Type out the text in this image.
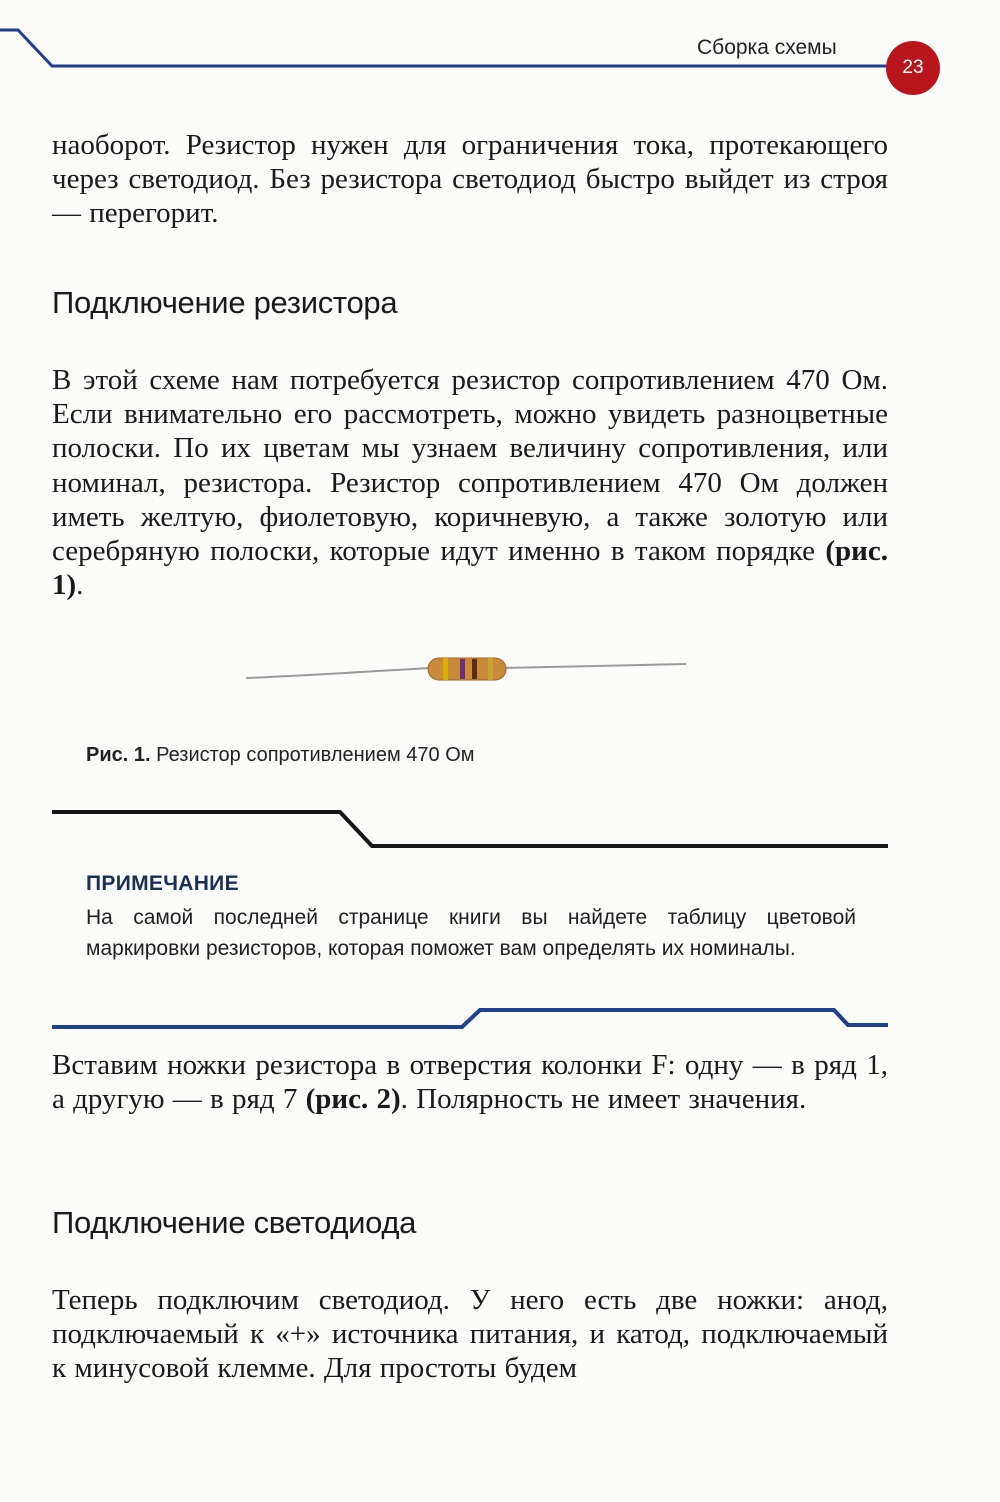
Сборка схемы
23

наоборот. Резистор нужен для ограничения тока, протекающего через светодиод. Без резистора светодиод быстро выйдет из строя — перегорит.

Подключение резистора

В этой схеме нам потребуется резистор сопротивлением 470 Ом. Если внимательно его рассмотреть, можно увидеть разноцветные полоски. По их цветам мы узнаем величину сопротивления, или номинал, резистора. Резистор сопротивлением 470 Ом должен иметь желтую, фиолетовую, коричневую, а также золотую или серебряную полоски, которые идут именно в таком порядке (рис. 1).

Рис. 1. Резистор сопротивлением 470 Ом
ПРИМЕЧАНИЕ

На самой последней странице книги вы найдете таблицу цветовой маркировки резисторов, которая поможет вам определять их номиналы.

Вставим ножки резистора в отверстия колонки F: одну — в ряд 1, а другую — в ряд 7 (рис. 2). Полярность не имеет значения.

Подключение светодиода

Теперь подключим светодиод. У него есть две ножки: анод, подключаемый к «+» источника питания, и катод, подключаемый к минусовой клемме. Для простоты будем
